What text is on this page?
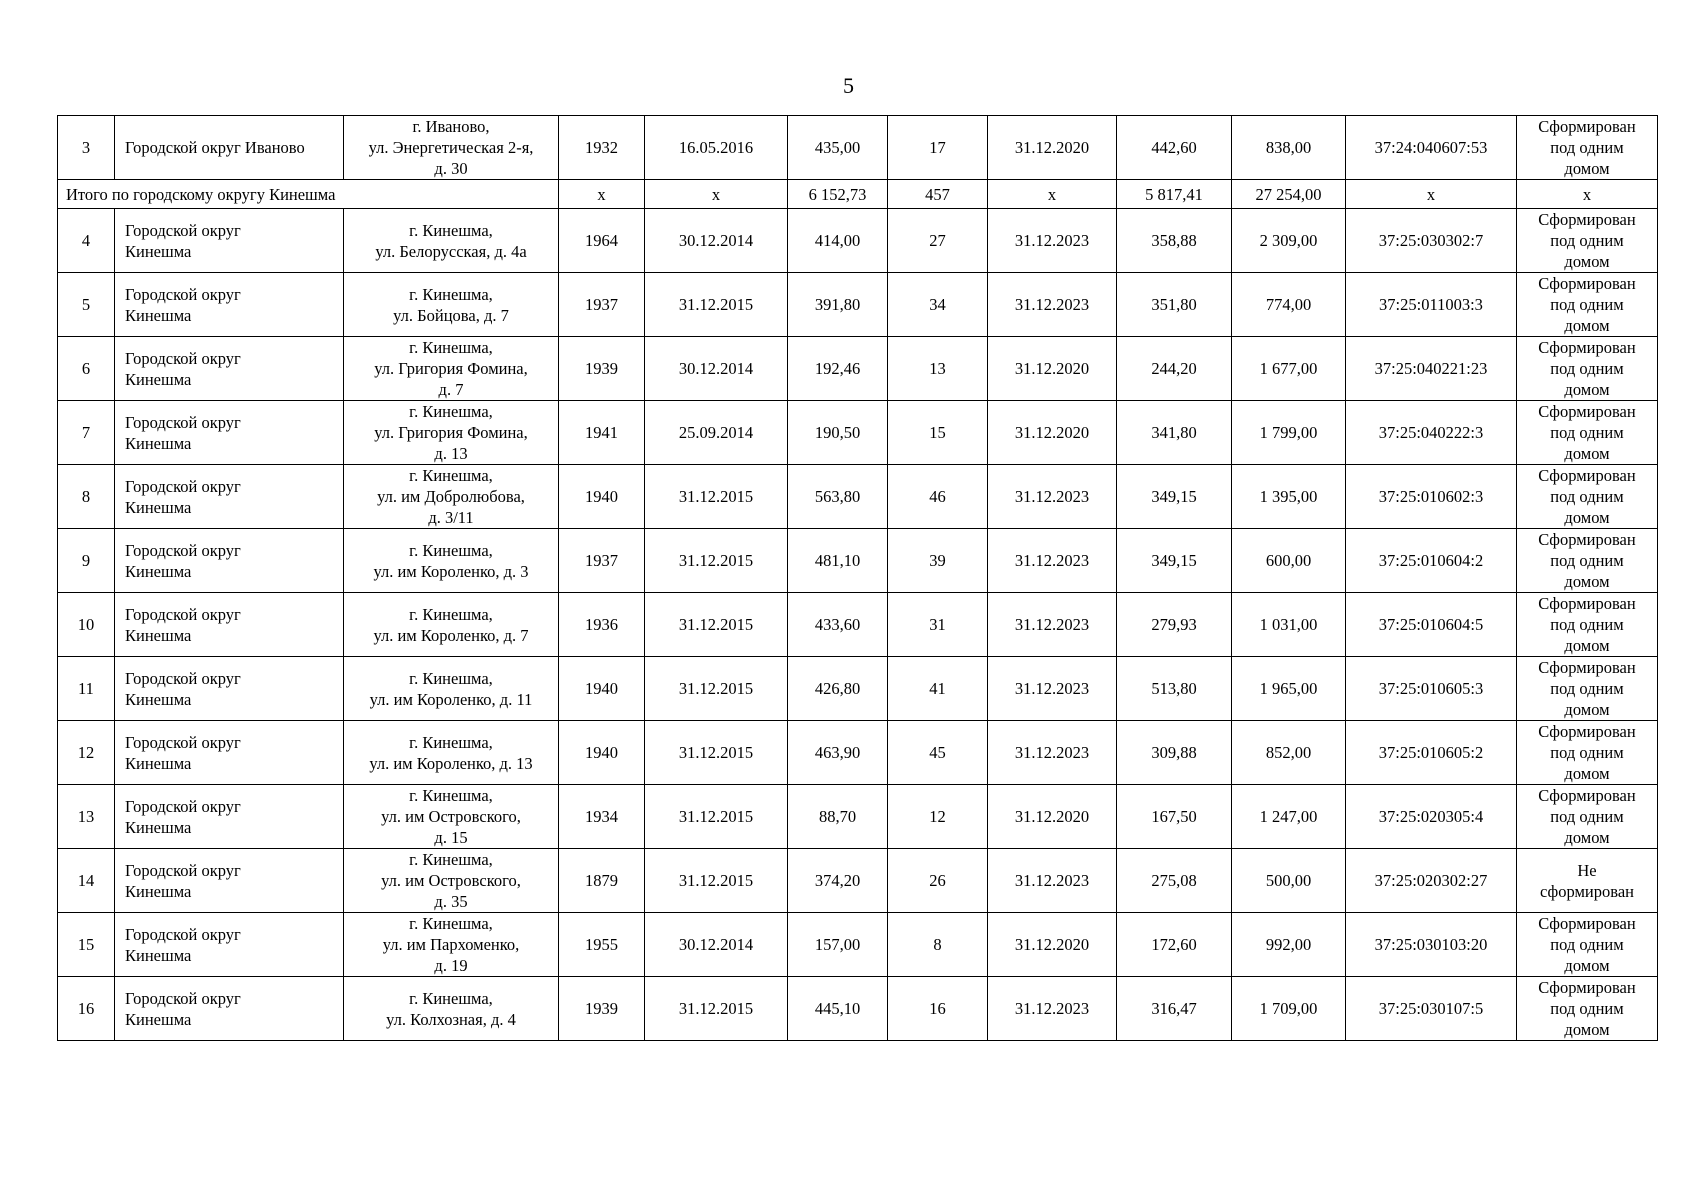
5
3	Городской округ Иваново	г. Иваново,
ул. Энергетическая 2-я,
д. 30	1932	16.05.2016	435,00	17	31.12.2020	442,60	838,00	37:24:040607:53	Сформирован
под одним
домом

Итого по городскому округу Кинешма			x	x	6 152,73	457	x	5 817,41	27 254,00	x	x
4	Городской округ
Кинешма	г. Кинешма,
ул. Белорусская, д. 4а	1964	30.12.2014	414,00	27	31.12.2023	358,88	2 309,00	37:25:030302:7	Сформирован
под одним
домом

5	Городской округ
Кинешма	г. Кинешма,
ул. Бойцова, д. 7	1937	31.12.2015	391,80	34	31.12.2023	351,80	774,00	37:25:011003:3	Сформирован
под одним
домом

6	Городской округ
Кинешма	г. Кинешма,
ул. Григория Фомина,
д. 7	1939	30.12.2014	192,46	13	31.12.2020	244,20	1 677,00	37:25:040221:23	Сформирован
под одним
домом

7	Городской округ
Кинешма	г. Кинешма,
ул. Григория Фомина,
д. 13	1941	25.09.2014	190,50	15	31.12.2020	341,80	1 799,00	37:25:040222:3	Сформирован
под одним
домом

8	Городской округ
Кинешма	г. Кинешма,
ул. им Добролюбова,
д. 3/11	1940	31.12.2015	563,80	46	31.12.2023	349,15	1 395,00	37:25:010602:3	Сформирован
под одним
домом

9	Городской округ
Кинешма	г. Кинешма,
ул. им Короленко, д. 3	1937	31.12.2015	481,10	39	31.12.2023	349,15	600,00	37:25:010604:2	Сформирован
под одним
домом

10	Городской округ
Кинешма	г. Кинешма,
ул. им Короленко, д. 7	1936	31.12.2015	433,60	31	31.12.2023	279,93	1 031,00	37:25:010604:5	Сформирован
под одним
домом

11	Городской округ
Кинешма	г. Кинешма,
ул. им Короленко, д. 11	1940	31.12.2015	426,80	41	31.12.2023	513,80	1 965,00	37:25:010605:3	Сформирован
под одним
домом

12	Городской округ
Кинешма	г. Кинешма,
ул. им Короленко, д. 13	1940	31.12.2015	463,90	45	31.12.2023	309,88	852,00	37:25:010605:2	Сформирован
под одним
домом

13	Городской округ
Кинешма	г. Кинешма,
ул. им Островского,
д. 15	1934	31.12.2015	88,70	12	31.12.2020	167,50	1 247,00	37:25:020305:4	Сформирован
под одним
домом

14	Городской округ
Кинешма	г. Кинешма,
ул. им Островского,
д. 35	1879	31.12.2015	374,20	26	31.12.2023	275,08	500,00	37:25:020302:27	Не
сформирован

15	Городской округ
Кинешма	г. Кинешма,
ул. им Пархоменко,
д. 19	1955	30.12.2014	157,00	8	31.12.2020	172,60	992,00	37:25:030103:20	Сформирован
под одним
домом

16	Городской округ
Кинешма	г. Кинешма,
ул. Колхозная, д. 4	1939	31.12.2015	445,10	16	31.12.2023	316,47	1 709,00	37:25:030107:5	Сформирован
под одним
домом
